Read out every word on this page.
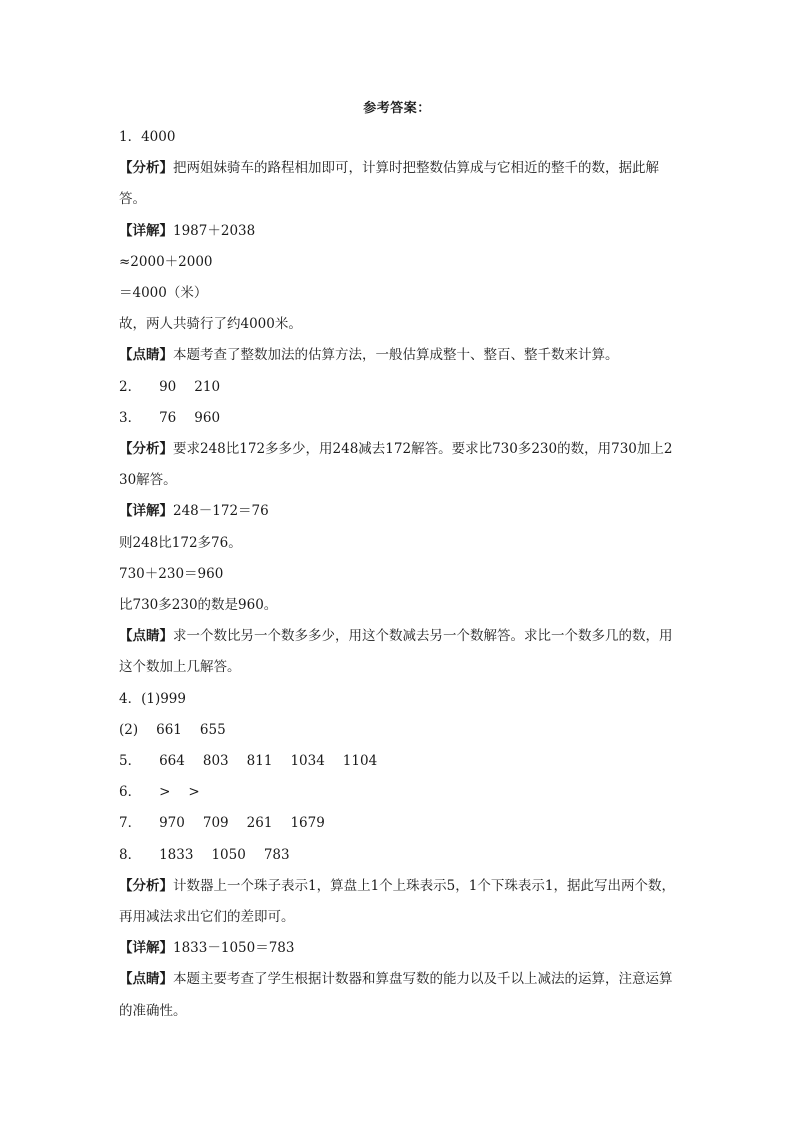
参考答案：
1．4000
【分析】把两姐妹骑车的路程相加即可，计算时把整数估算成与它相近的整千的数，据此解答。
【详解】1987＋2038
≈2000＋2000
＝4000（米）
故，两人共骑行了约4000米。
【点睛】本题考查了整数加法的估算方法，一般估算成整十、整百、整千数来计算。
2． 90 210
3． 76 960
【分析】要求248比172多多少，用248减去172解答。要求比730多230的数，用730加上230解答。
【详解】248－172＝76
则248比172多76。
730＋230＝960
比730多230的数是960。
【点睛】求一个数比另一个数多多少，用这个数减去另一个数解答。求比一个数多几的数，用这个数加上几解答。
4．(1)999
(2) 661 655
5． 664 803 811 1034 1104
6． > >
7． 970 709 261 1679
8． 1833 1050 783
【分析】计数器上一个珠子表示1，算盘上1个上珠表示5，1个下珠表示1，据此写出两个数，再用减法求出它们的差即可。
【详解】1833－1050＝783
【点睛】本题主要考查了学生根据计数器和算盘写数的能力以及千以上减法的运算，注意运算的准确性。
